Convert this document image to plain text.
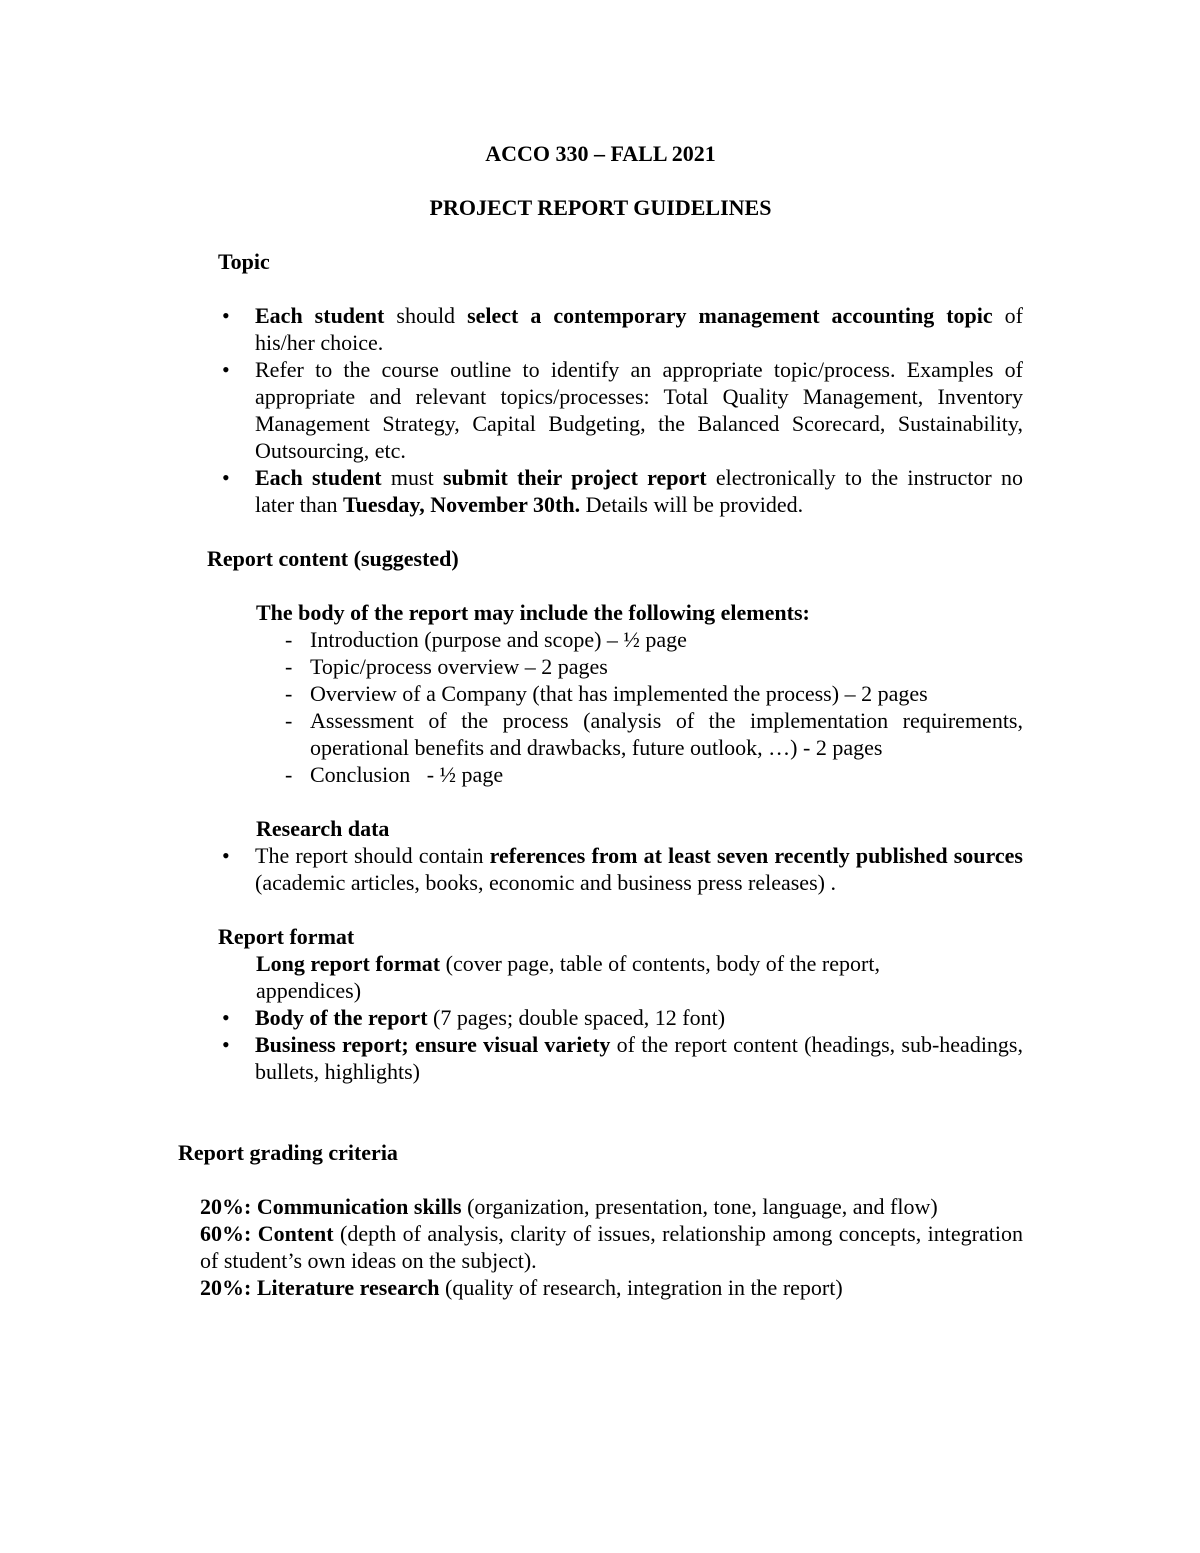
ACCO 330 – FALL 2021

PROJECT REPORT GUIDELINES

Topic
• Each student should select a contemporary management accounting topic of his/her choice.
• Refer to the course outline to identify an appropriate topic/process. Examples of appropriate and relevant topics/processes: Total Quality Management, Inventory Management Strategy, Capital Budgeting, the Balanced Scorecard, Sustainability, Outsourcing, etc.
• Each student must submit their project report electronically to the instructor no later than Tuesday, November 30th. Details will be provided.
Report content (suggested)
The body of the report may include the following elements:
- Introduction (purpose and scope) – ½ page
- Topic/process overview – 2 pages
- Overview of a Company (that has implemented the process) – 2 pages
- Assessment of the process (analysis of the implementation requirements, operational benefits and drawbacks, future outlook, …) - 2 pages
- Conclusion   - ½ page
Research data
• The report should contain references from at least seven recently published sources (academic articles, books, economic and business press releases) .
Report format
Long report format (cover page, table of contents, body of the report,
appendices)
• Body of the report (7 pages; double spaced, 12 font)
• Business report; ensure visual variety of the report content (headings, sub-headings, bullets, highlights)
Report grading criteria
20%: Communication skills (organization, presentation, tone, language, and flow)
60%: Content (depth of analysis, clarity of issues, relationship among concepts, integration of student’s own ideas on the subject).
20%: Literature research (quality of research, integration in the report)
